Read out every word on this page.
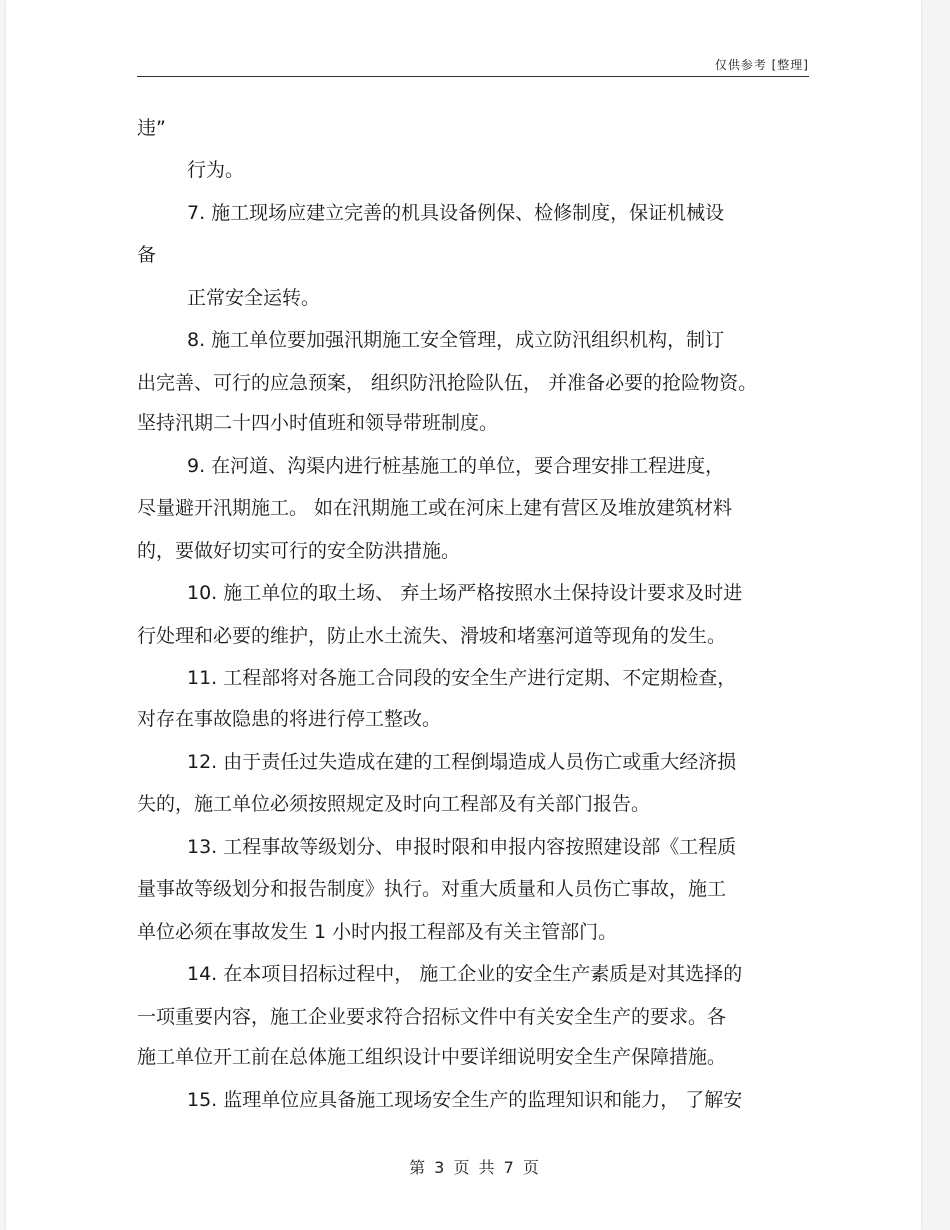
仅供参考 [整理]
违”
行为。
7. 施工现场应建立完善的机具设备例保、检修制度，保证机械设
备
正常安全运转。
8. 施工单位要加强汛期施工安全管理，成立防汛组织机构，制订
出完善、可行的应急预案， 组织防汛抢险队伍， 并准备必要的抢险物资。
坚持汛期二十四小时值班和领导带班制度。
9. 在河道、沟渠内进行桩基施工的单位，要合理安排工程进度，
尽量避开汛期施工。 如在汛期施工或在河床上建有营区及堆放建筑材料
的，要做好切实可行的安全防洪措施。
10. 施工单位的取土场、 弃土场严格按照水土保持设计要求及时进
行处理和必要的维护，防止水土流失、滑坡和堵塞河道等现角的发生。
11. 工程部将对各施工合同段的安全生产进行定期、不定期检查，
对存在事故隐患的将进行停工整改。
12. 由于责任过失造成在建的工程倒塌造成人员伤亡或重大经济损
失的，施工单位必须按照规定及时向工程部及有关部门报告。
13. 工程事故等级划分、申报时限和申报内容按照建设部《工程质
量事故等级划分和报告制度》执行。对重大质量和人员伤亡事故，施工
单位必须在事故发生 1 小时内报工程部及有关主管部门。
14. 在本项目招标过程中， 施工企业的安全生产素质是对其选择的
一项重要内容，施工企业要求符合招标文件中有关安全生产的要求。各
施工单位开工前在总体施工组织设计中要详细说明安全生产保障措施。
15. 监理单位应具备施工现场安全生产的监理知识和能力， 了解安
第 3 页 共 7 页
